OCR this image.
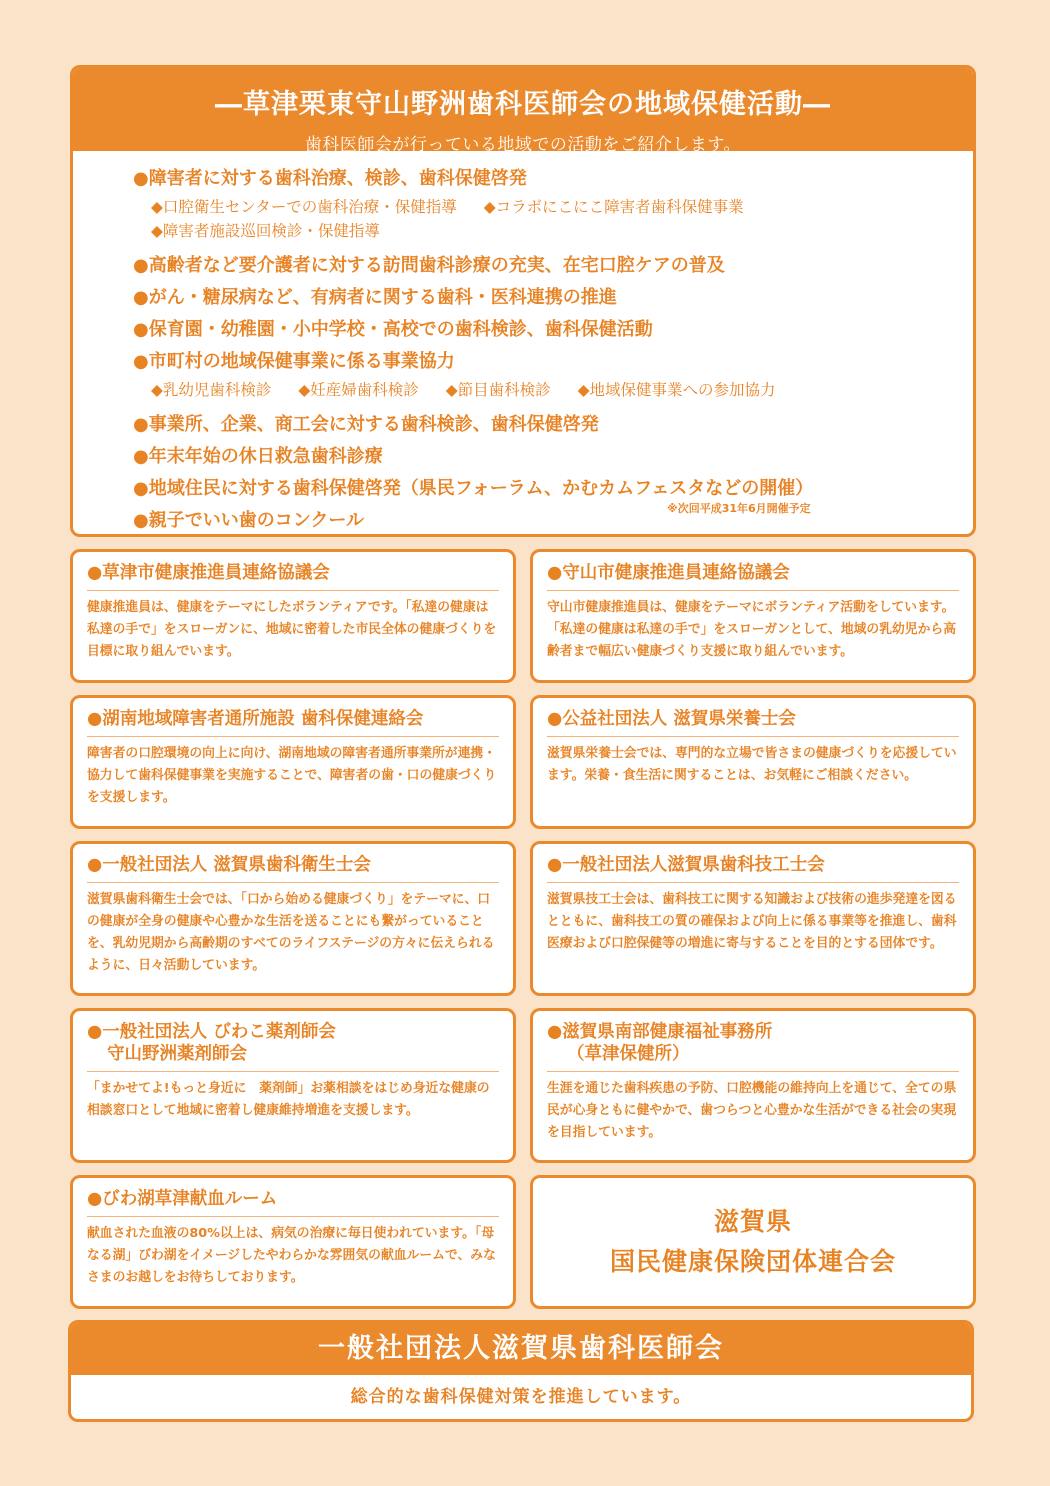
―草津栗東守山野洲歯科医師会の地域保健活動―
歯科医師会が行っている地域での活動をご紹介します。
●障害者に対する歯科治療、検診、歯科保健啓発
◆口腔衛生センターでの歯科治療・保健指導 ◆コラボにこにこ障害者歯科保健事業
◆障害者施設巡回検診・保健指導
●高齢者など要介護者に対する訪問歯科診療の充実、在宅口腔ケアの普及
●がん・糖尿病など、有病者に関する歯科・医科連携の推進
●保育園・幼稚園・小中学校・高校での歯科検診、歯科保健活動
●市町村の地域保健事業に係る事業協力
◆乳幼児歯科検診 ◆妊産婦歯科検診 ◆節目歯科検診 ◆地域保健事業への参加協力
●事業所、企業、商工会に対する歯科検診、歯科保健啓発
●年末年始の休日救急歯科診療
●地域住民に対する歯科保健啓発（県民フォーラム、かむカムフェスタなどの開催）
●親子でいい歯のコンクール
※次回平成31年6月開催予定
●草津市健康推進員連絡協議会
健康推進員は、健康をテーマにしたボランティアです。「私達の健康は私達の手で」をスローガンに、地域に密着した市民全体の健康づくりを目標に取り組んでいます。
●守山市健康推進員連絡協議会
守山市健康推進員は、健康をテーマにボランティア活動をしています。「私達の健康は私達の手で」をスローガンとして、地域の乳幼児から高齢者まで幅広い健康づくり支援に取り組んでいます。
●湖南地域障害者通所施設 歯科保健連絡会
障害者の口腔環境の向上に向け、湖南地域の障害者通所事業所が連携・協力して歯科保健事業を実施することで、障害者の歯・口の健康づくりを支援します。
●公益社団法人 滋賀県栄養士会
滋賀県栄養士会では、専門的な立場で皆さまの健康づくりを応援しています。栄養・食生活に関することは、お気軽にご相談ください。
●一般社団法人 滋賀県歯科衛生士会
滋賀県歯科衛生士会では、「口から始める健康づくり」をテーマに、口の健康が全身の健康や心豊かな生活を送ることにも繋がっていることを、乳幼児期から高齢期のすべてのライフステージの方々に伝えられるように、日々活動しています。
●一般社団法人滋賀県歯科技工士会
滋賀県技工士会は、歯科技工に関する知識および技術の進歩発達を図るとともに、歯科技工の質の確保および向上に係る事業等を推進し、歯科医療および口腔保健等の増進に寄与することを目的とする団体です。
●一般社団法人 びわこ薬剤師会
守山野洲薬剤師会
「まかせてよ!もっと身近に　薬剤師」お薬相談をはじめ身近な健康の相談窓口として地域に密着し健康維持増進を支援します。
●滋賀県南部健康福祉事務所
（草津保健所）
生涯を通じた歯科疾患の予防、口腔機能の維持向上を通じて、全ての県民が心身ともに健やかで、歯つらつと心豊かな生活ができる社会の実現を目指しています。
●びわ湖草津献血ルーム
献血された血液の80%以上は、病気の治療に毎日使われています。「母なる湖」びわ湖をイメージしたやわらかな雰囲気の献血ルームで、みなさまのお越しをお待ちしております。
滋賀県
国民健康保険団体連合会
一般社団法人滋賀県歯科医師会
総合的な歯科保健対策を推進しています。
